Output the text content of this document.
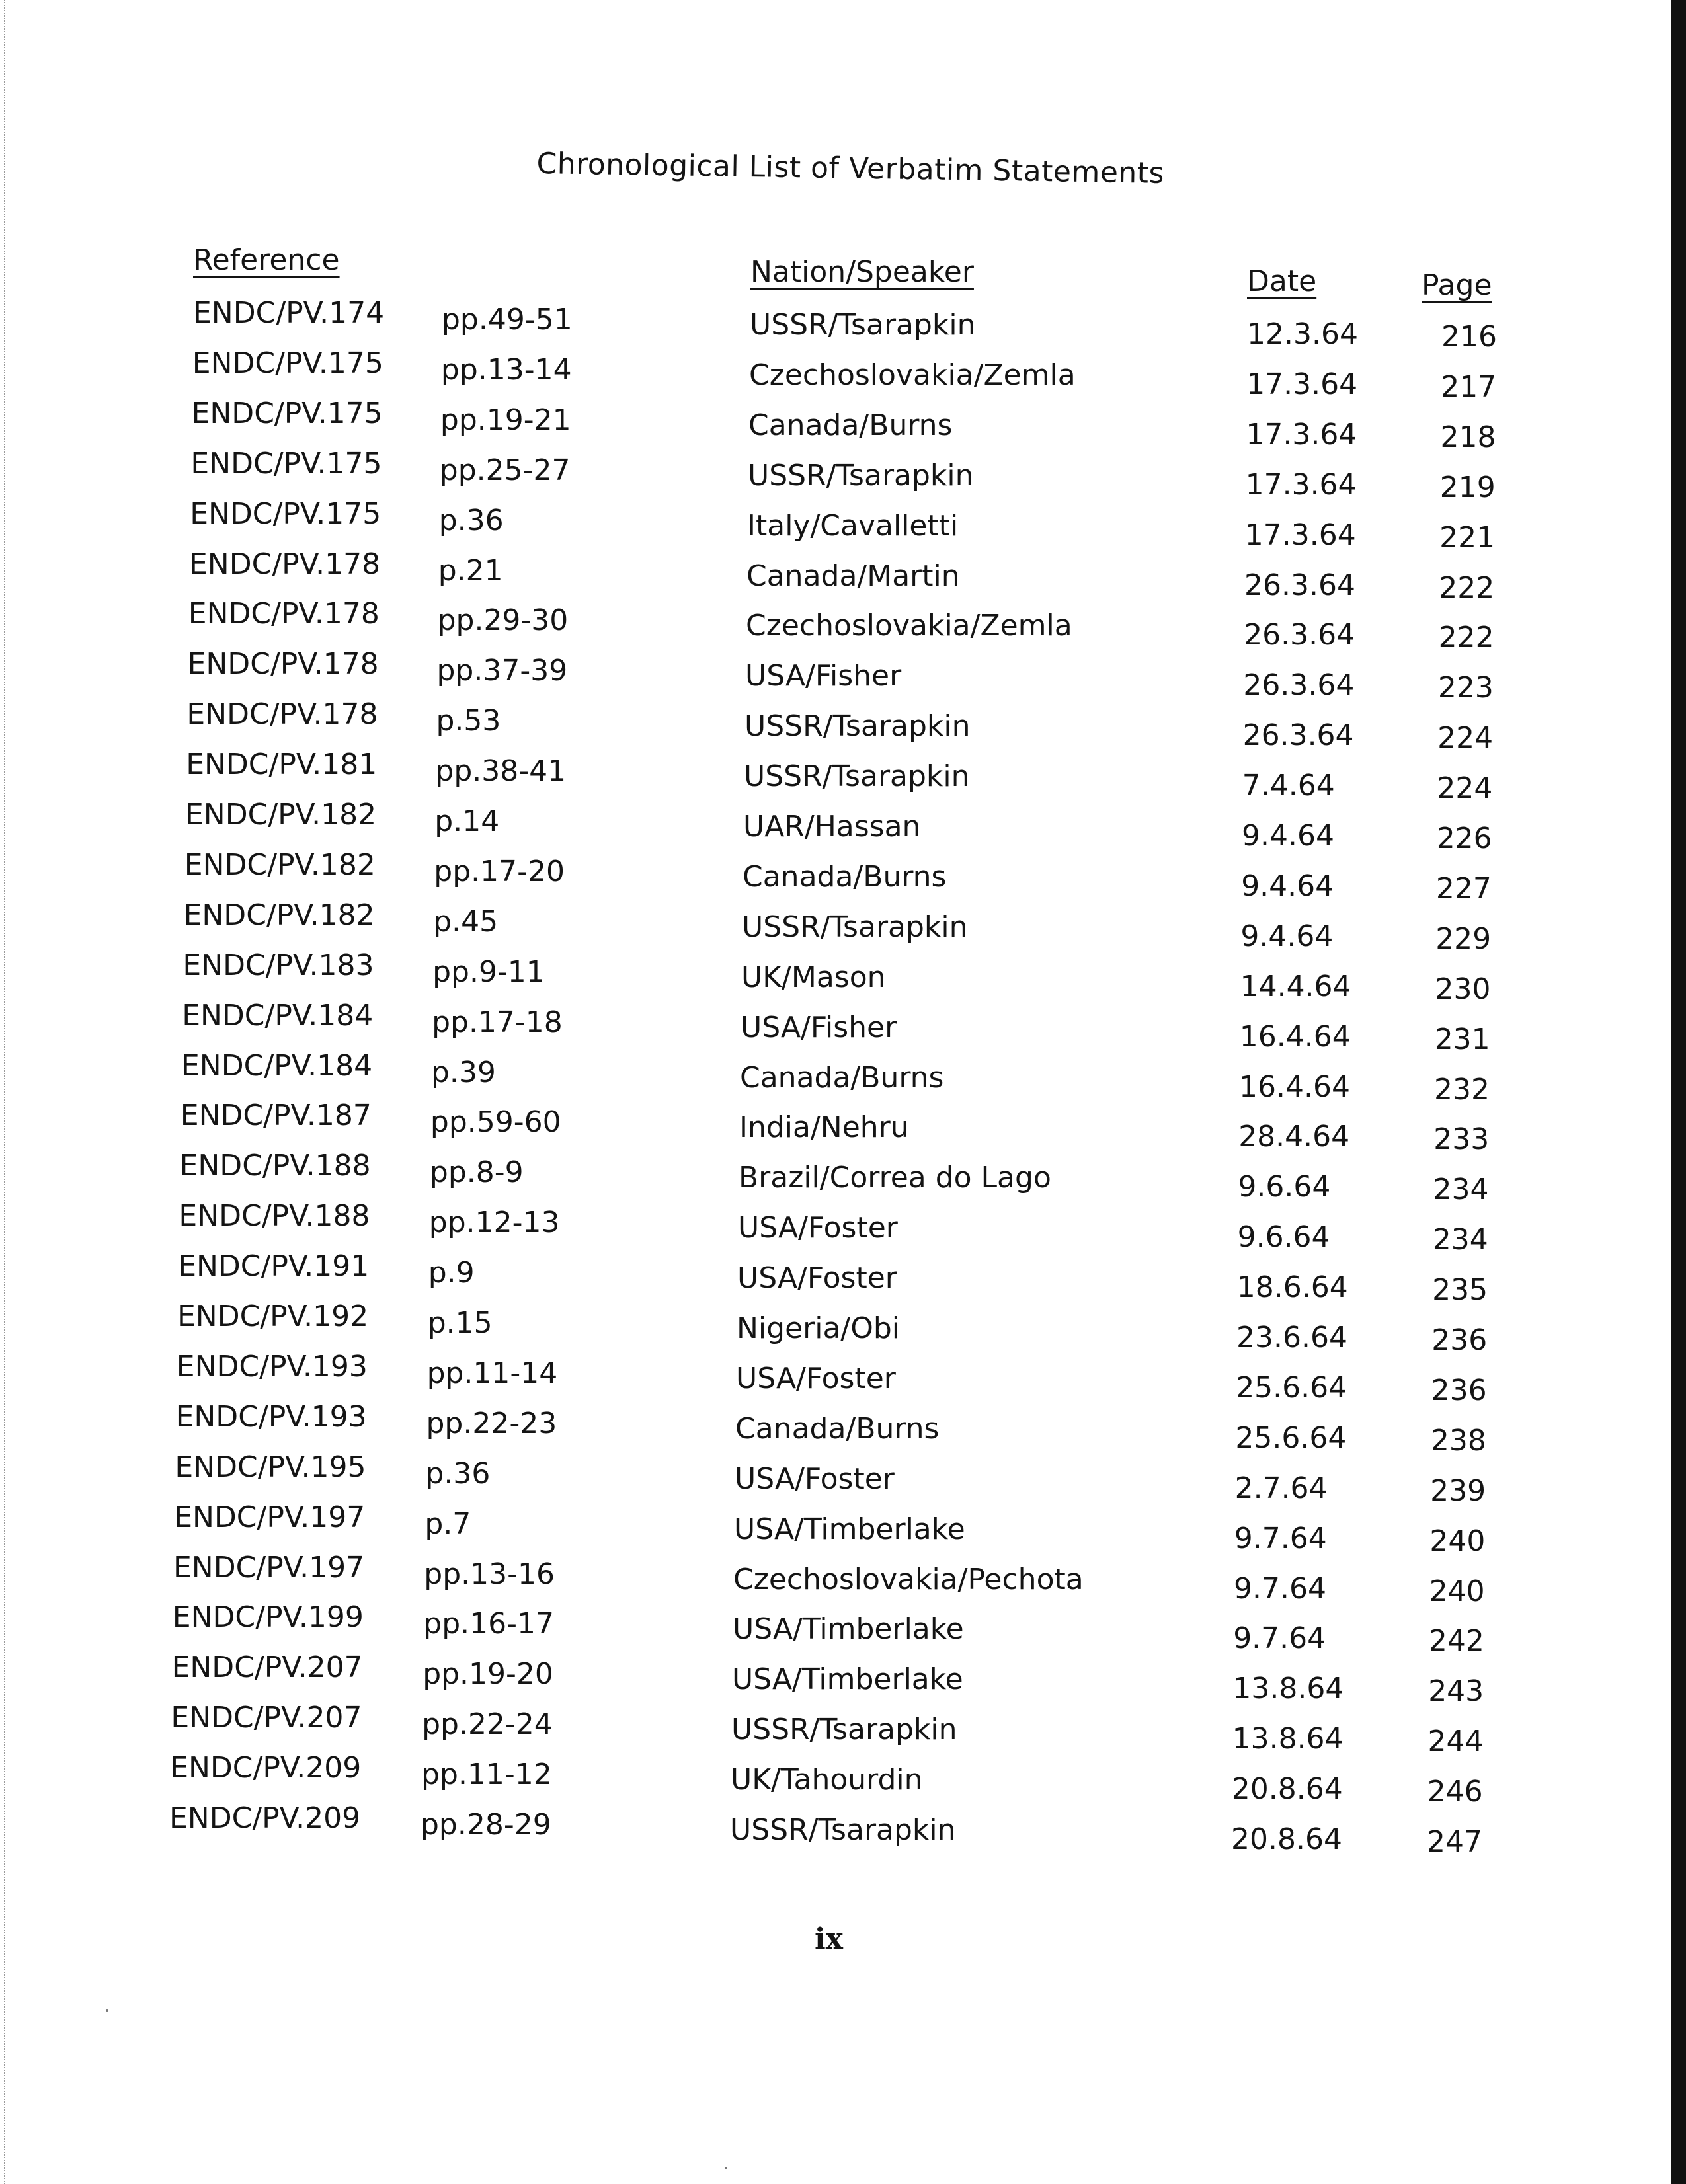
Chronological List of Verbatim Statements
Reference	Nation/Speaker	Date	Page
ENDC/PV.174 pp.49-51	USSR/Tsarapkin	12.3.64	216
ENDC/PV.175 pp.13-14	Czechoslovakia/Zemla	17.3.64	217
ENDC/PV.175 pp.19-21	Canada/Burns	17.3.64	218
ENDC/PV.175 pp.25-27	USSR/Tsarapkin	17.3.64	219
ENDC/PV.175 p.36	Italy/Cavalletti	17.3.64	221
ENDC/PV.178 p.21	Canada/Martin	26.3.64	222
ENDC/PV.178 pp.29-30	Czechoslovakia/Zemla	26.3.64	222
ENDC/PV.178 pp.37-39	USA/Fisher	26.3.64	223
ENDC/PV.178 p.53	USSR/Tsarapkin	26.3.64	224
ENDC/PV.181 pp.38-41	USSR/Tsarapkin	7.4.64	224
ENDC/PV.182 p.14	UAR/Hassan	9.4.64	226
ENDC/PV.182 pp.17-20	Canada/Burns	9.4.64	227
ENDC/PV.182 p.45	USSR/Tsarapkin	9.4.64	229
ENDC/PV.183 pp.9-11	UK/Mason	14.4.64	230
ENDC/PV.184 pp.17-18	USA/Fisher	16.4.64	231
ENDC/PV.184 p.39	Canada/Burns	16.4.64	232
ENDC/PV.187 pp.59-60	India/Nehru	28.4.64	233
ENDC/PV.188 pp.8-9	Brazil/Correa do Lago	9.6.64	234
ENDC/PV.188 pp.12-13	USA/Foster	9.6.64	234
ENDC/PV.191 p.9	USA/Foster	18.6.64	235
ENDC/PV.192 p.15	Nigeria/Obi	23.6.64	236
ENDC/PV.193 pp.11-14	USA/Foster	25.6.64	236
ENDC/PV.193 pp.22-23	Canada/Burns	25.6.64	238
ENDC/PV.195 p.36	USA/Foster	2.7.64	239
ENDC/PV.197 p.7	USA/Timberlake	9.7.64	240
ENDC/PV.197 pp.13-16	Czechoslovakia/Pechota	9.7.64	240
ENDC/PV.199 pp.16-17	USA/Timberlake	9.7.64	242
ENDC/PV.207 pp.19-20	USA/Timberlake	13.8.64	243
ENDC/PV.207 pp.22-24	USSR/Tsarapkin	13.8.64	244
ENDC/PV.209 pp.11-12	UK/Tahourdin	20.8.64	246
ENDC/PV.209 pp.28-29	USSR/Tsarapkin	20.8.64	247
ix
